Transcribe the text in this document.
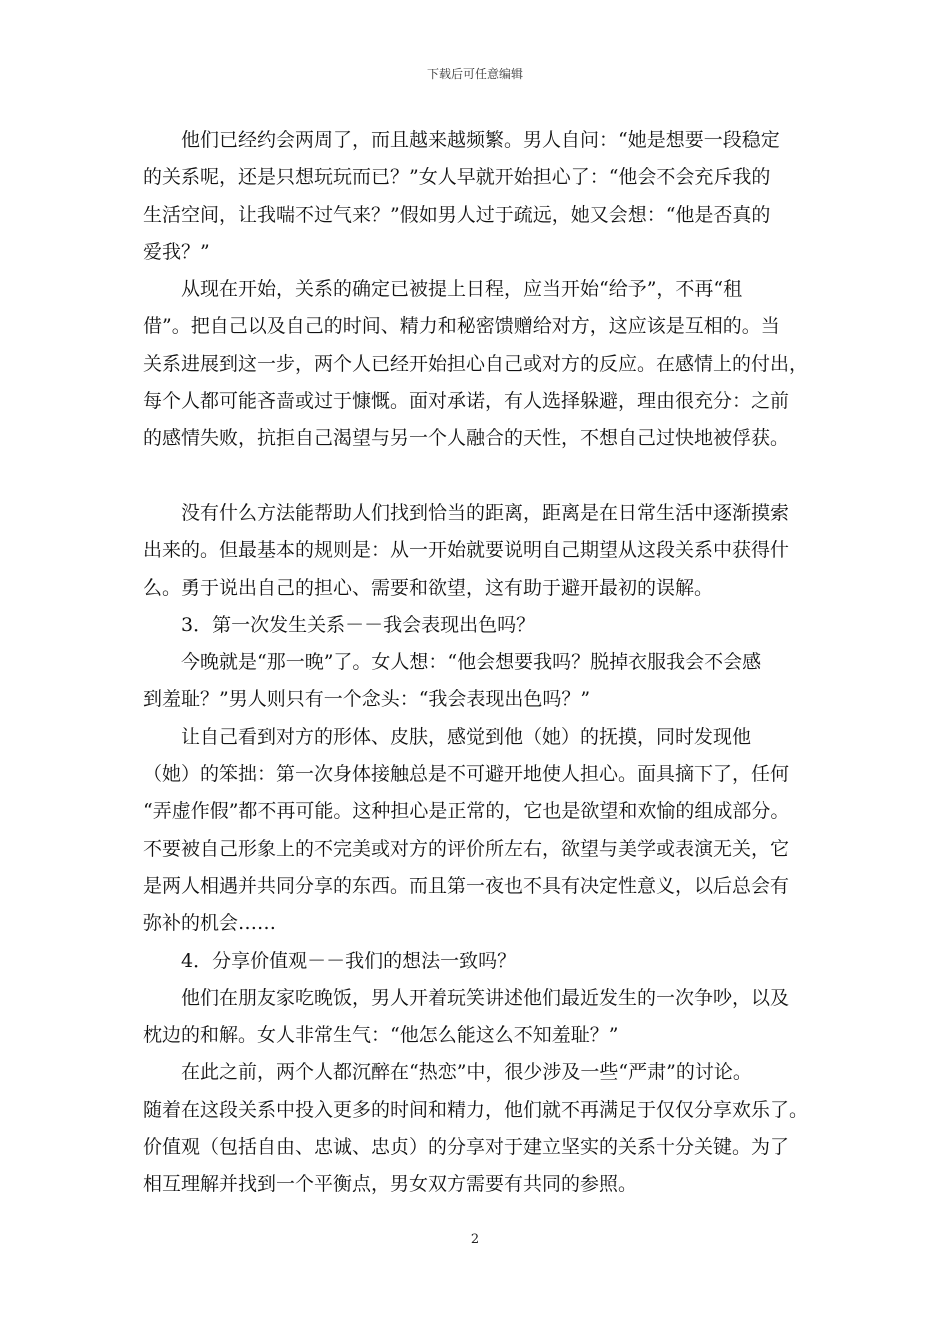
下载后可任意编辑
　　他们已经约会两周了，而且越来越频繁。男人自问：“她是想要一段稳定
的关系呢，还是只想玩玩而已？”女人早就开始担心了：“他会不会充斥我的
生活空间，让我喘不过气来？”假如男人过于疏远，她又会想：“他是否真的
爱我？”
　　从现在开始，关系的确定已被提上日程，应当开始“给予”，不再“租
借”。把自己以及自己的时间、精力和秘密馈赠给对方，这应该是互相的。当
关系进展到这一步，两个人已经开始担心自己或对方的反应。在感情上的付出，
每个人都可能吝啬或过于慷慨。面对承诺，有人选择躲避，理由很充分：之前
的感情失败，抗拒自己渴望与另一个人融合的天性，不想自己过快地被俘获。
　　没有什么方法能帮助人们找到恰当的距离，距离是在日常生活中逐渐摸索
出来的。但最基本的规则是：从一开始就要说明自己期望从这段关系中获得什
么。勇于说出自己的担心、需要和欲望，这有助于避开最初的误解。
　　3．第一次发生关系－－我会表现出色吗？
　　今晚就是“那一晚”了。女人想：“他会想要我吗？脱掉衣服我会不会感
到羞耻？”男人则只有一个念头：“我会表现出色吗？”
　　让自己看到对方的形体、皮肤，感觉到他（她）的抚摸，同时发现他
（她）的笨拙：第一次身体接触总是不可避开地使人担心。面具摘下了，任何
“弄虚作假”都不再可能。这种担心是正常的，它也是欲望和欢愉的组成部分。
不要被自己形象上的不完美或对方的评价所左右，欲望与美学或表演无关，它
是两人相遇并共同分享的东西。而且第一夜也不具有决定性意义，以后总会有
弥补的机会……
　　4．分享价值观－－我们的想法一致吗？
　　他们在朋友家吃晚饭，男人开着玩笑讲述他们最近发生的一次争吵，以及
枕边的和解。女人非常生气：“他怎么能这么不知羞耻？”
　　在此之前，两个人都沉醉在“热恋”中，很少涉及一些“严肃”的讨论。
随着在这段关系中投入更多的时间和精力，他们就不再满足于仅仅分享欢乐了。
价值观（包括自由、忠诚、忠贞）的分享对于建立坚实的关系十分关键。为了
相互理解并找到一个平衡点，男女双方需要有共同的参照。
2
